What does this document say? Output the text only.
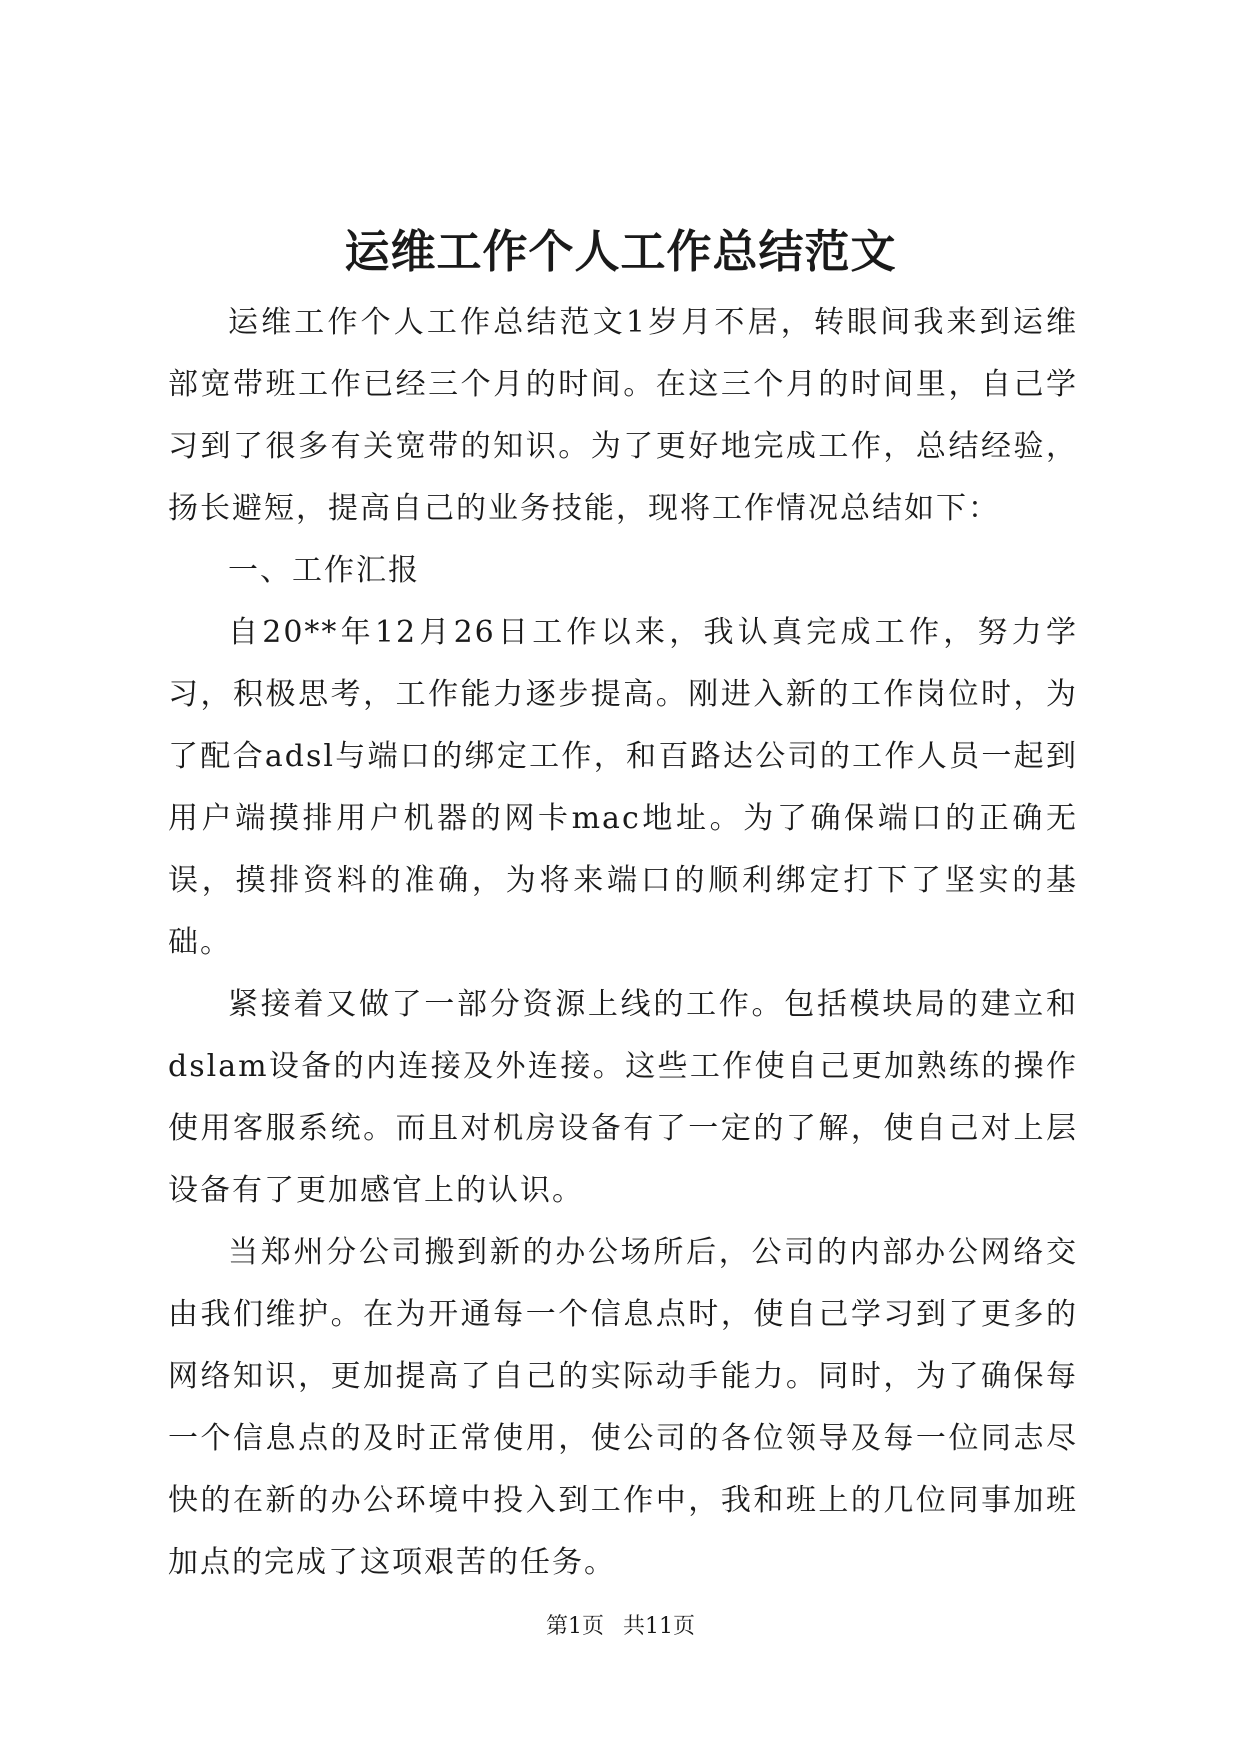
运维工作个人工作总结范文

运维工作个人工作总结范文1岁月不居，转眼间我来到运维部宽带班工作已经三个月的时间。在这三个月的时间里，自己学习到了很多有关宽带的知识。为了更好地完成工作，总结经验，扬长避短，提高自己的业务技能，现将工作情况总结如下：

一、工作汇报

自20**年12月26日工作以来，我认真完成工作，努力学习，积极思考，工作能力逐步提高。刚进入新的工作岗位时，为了配合adsl与端口的绑定工作，和百路达公司的工作人员一起到用户端摸排用户机器的网卡mac地址。为了确保端口的正确无误，摸排资料的准确，为将来端口的顺利绑定打下了坚实的基础。

紧接着又做了一部分资源上线的工作。包括模块局的建立和dslam设备的内连接及外连接。这些工作使自己更加熟练的操作使用客服系统。而且对机房设备有了一定的了解，使自己对上层设备有了更加感官上的认识。

当郑州分公司搬到新的办公场所后，公司的内部办公网络交由我们维护。在为开通每一个信息点时，使自己学习到了更多的网络知识，更加提高了自己的实际动手能力。同时，为了确保每一个信息点的及时正常使用，使公司的各位领导及每一位同志尽快的在新的办公环境中投入到工作中，我和班上的几位同事加班加点的完成了这项艰苦的任务。

第1页 共11页
